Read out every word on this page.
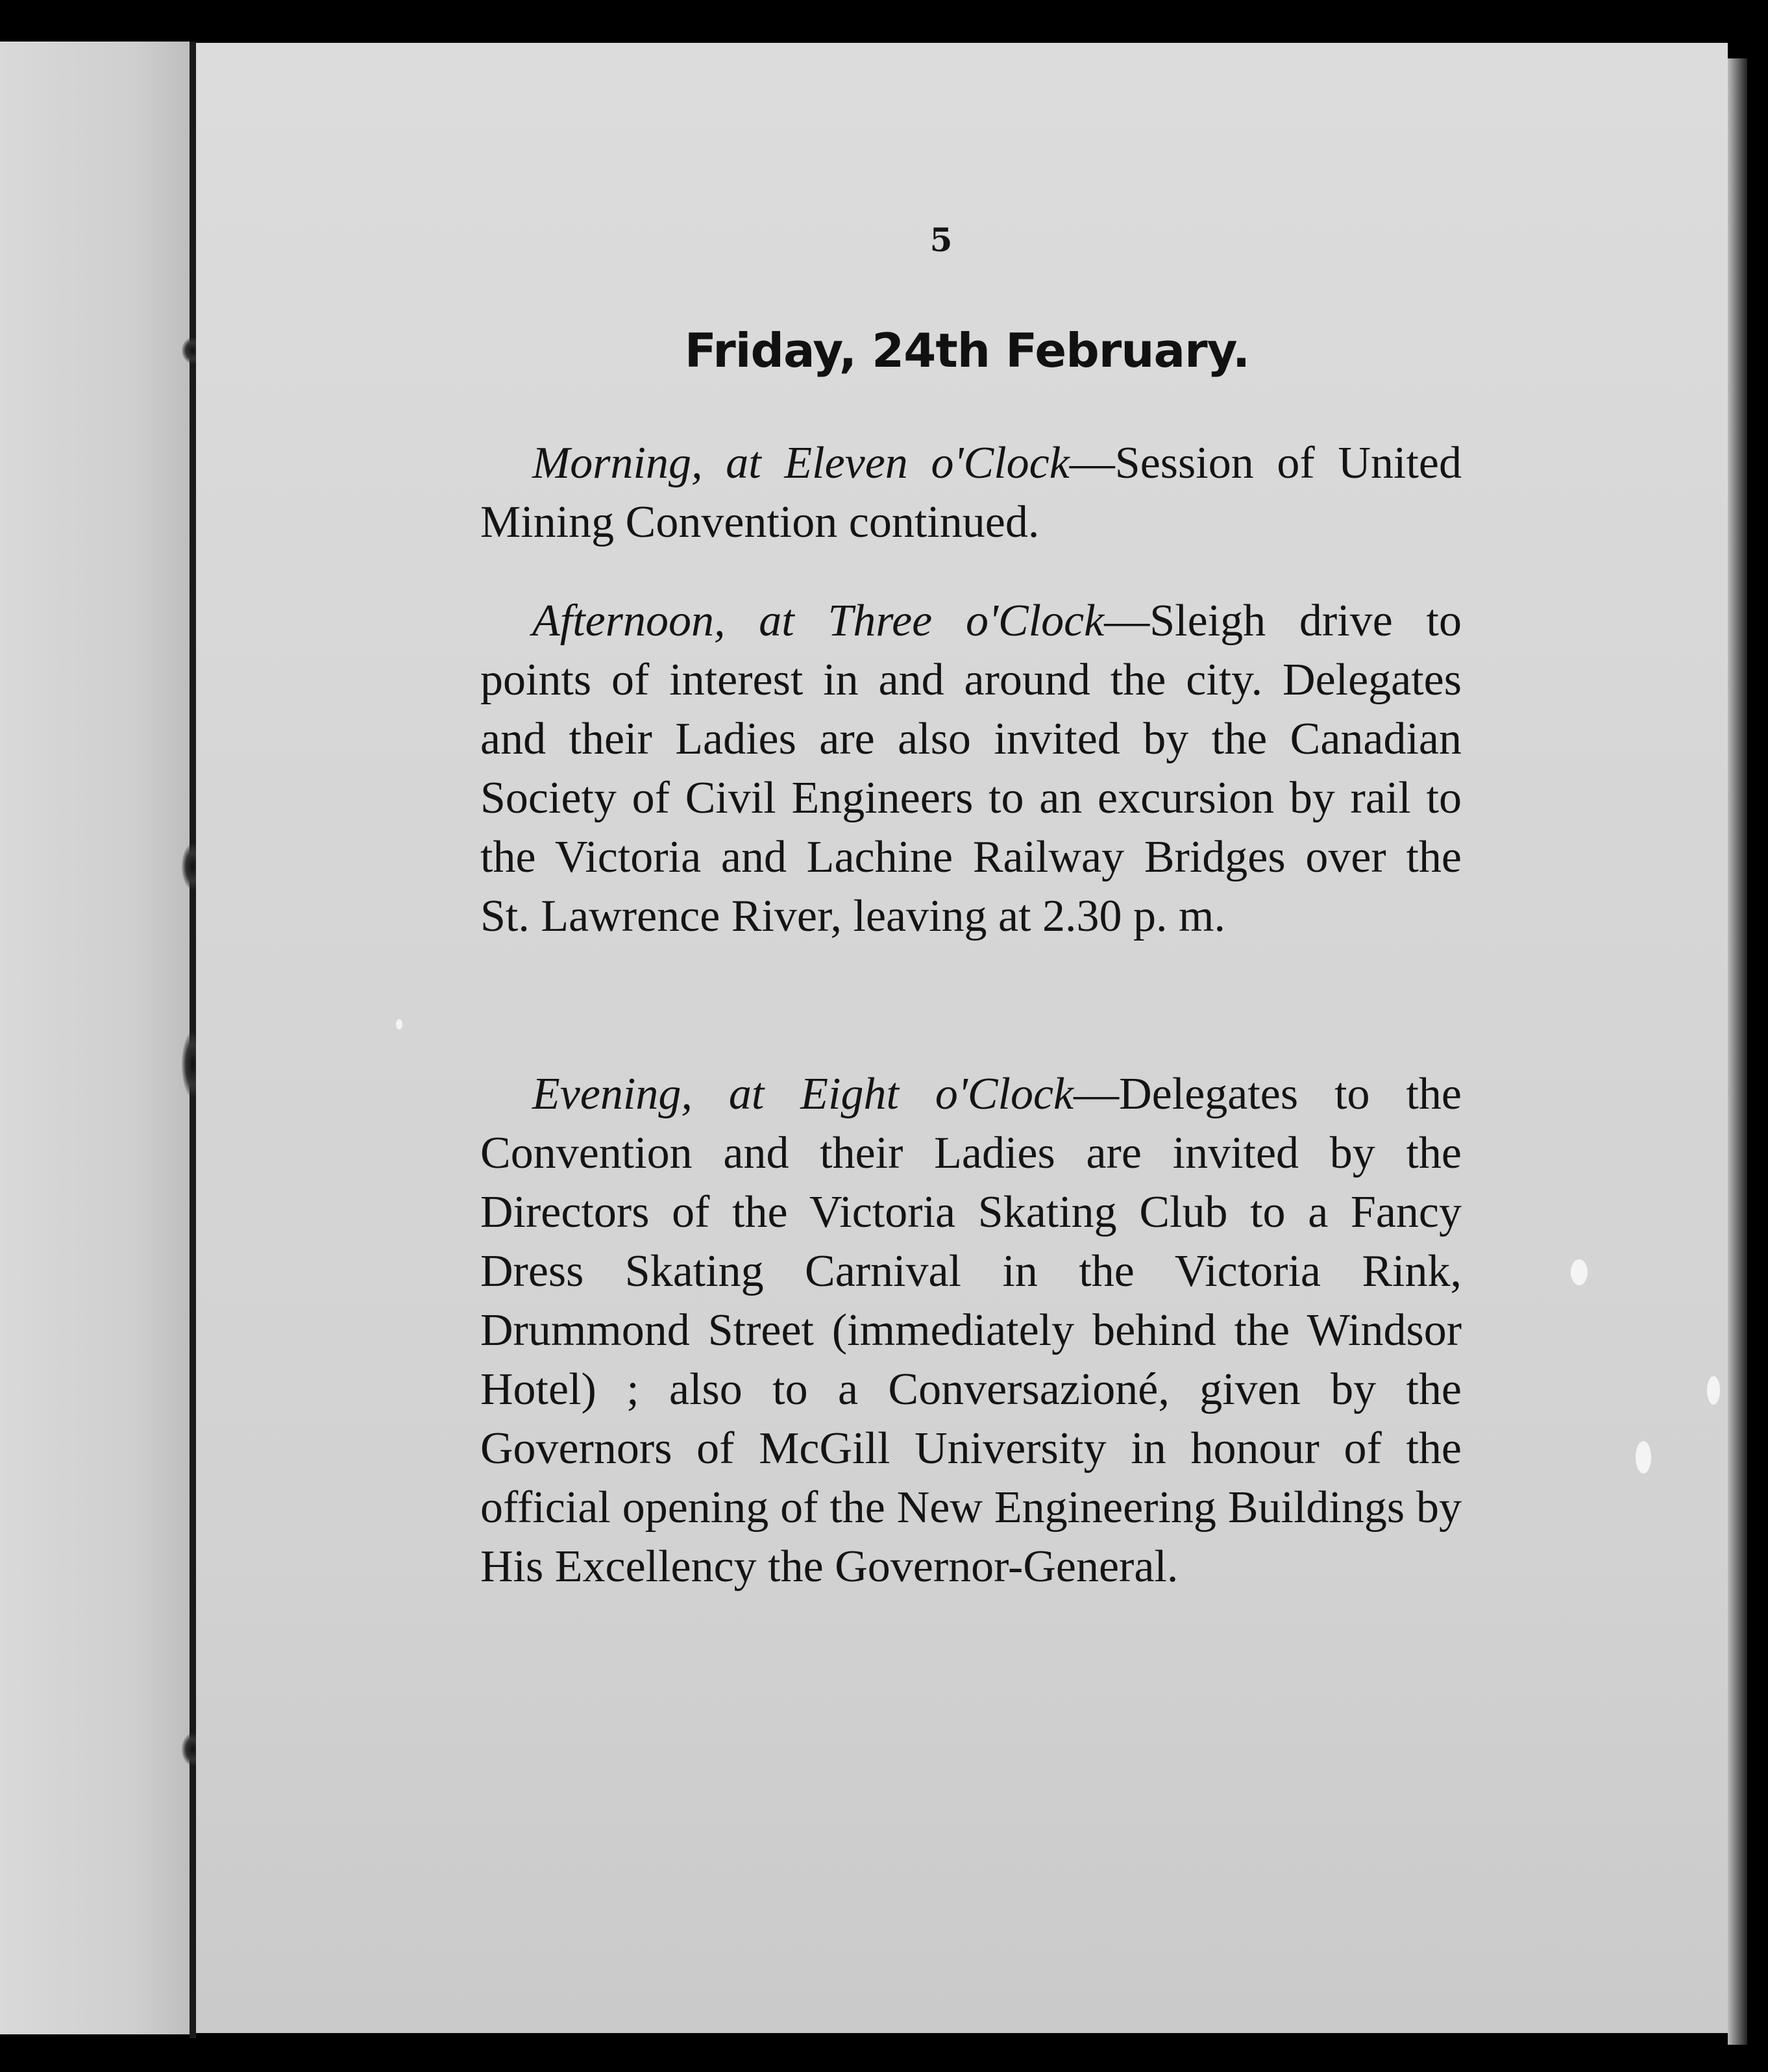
5
Friday, 24th February.

Morning, at Eleven o'Clock—Session of United Mining Convention continued.

Afternoon, at Three o'Clock—Sleigh drive to points of interest in and around the city. Delegates and their Ladies are also invited by the Canadian Society of Civil Engineers to an excursion by rail to the Victoria and Lachine Railway Bridges over the St. Lawrence River, leaving at 2.30 p. m.

Evening, at Eight o'Clock—Delegates to the Convention and their Ladies are invited by the Directors of the Victoria Skating Club to a Fancy Dress Skating Carnival in the Victoria Rink, Drummond Street (immediately behind the Windsor Hotel) ; also to a Conversazioné, given by the Governors of McGill University in honour of the official opening of the New Engineering Buildings by His Excellency the Governor-General.
